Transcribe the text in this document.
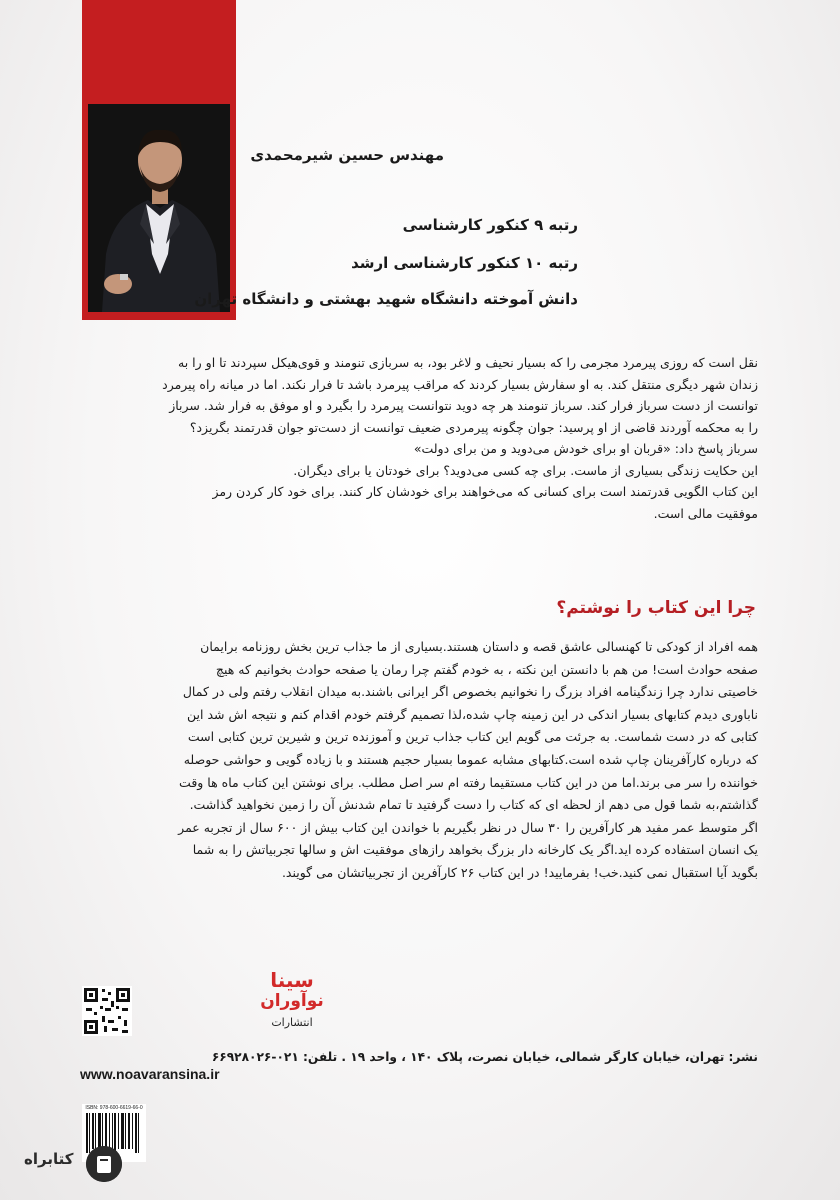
مهندس حسین شیرمحمدی
رتبه ۹ کنکور کارشناسی
رتبه ۱۰ کنکور کارشناسی ارشد
دانش آموخته دانشگاه شهید بهشتی و دانشگاه تهران
نقل است که روزی پیرمرد مجرمی را که بسیار نحیف و لاغر بود، به سربازی تنومند و قوی‌هیکل سپردند تا او را به
زندان شهر دیگری منتقل کند. به او سفارش بسیار کردند که مراقب پیرمرد باشد تا فرار نکند. اما در میانه راه پیرمرد
توانست از دست سرباز فرار کند. سرباز تنومند هر چه دوید نتوانست پیرمرد را بگیرد و او موفق به فرار شد. سرباز
را به محکمه آوردند قاضی از او پرسید: جوان چگونه پیرمردی ضعیف توانست از دست‌تو جوان قدرتمند بگریزد؟
سرباز پاسخ داد: «قربان او برای خودش می‌دوید و من برای دولت»
این حکایت زندگی بسیاری از ماست. برای چه کسی می‌دوید؟ برای خودتان یا برای دیگران.
این کتاب الگویی قدرتمند است برای کسانی که می‌خواهند برای خودشان کار کنند. برای خود کار کردن رمز
موفقیت مالی است.
چرا این کتاب را نوشتم؟
همه افراد از کودکی تا کهنسالی عاشق قصه و داستان هستند.بسیاری از ما جذاب ترین بخش روزنامه برایمان
صفحه حوادث است! من هم با دانستن این نکته ، به خودم گفتم چرا رمان یا صفحه حوادث بخوانیم که هیچ
خاصیتی ندارد چرا زندگینامه افراد بزرگ را نخوانیم بخصوص اگر ایرانی باشند.به میدان انقلاب رفتم ولی در کمال
ناباوری دیدم کتابهای بسیار اندکی در این زمینه چاپ شده،لذا تصمیم گرفتم خودم اقدام کنم و نتیجه اش شد این
کتابی که در دست شماست. به جرئت می گویم این کتاب جذاب ترین و آموزنده ترین و شیرین ترین کتابی است
که درباره کارآفرینان چاپ شده است.کتابهای مشابه عموما بسیار حجیم هستند و با زیاده گویی و حواشی حوصله
خواننده را سر می برند.اما من در این کتاب مستقیما رفته ام سر اصل مطلب. برای نوشتن این کتاب ماه ها وقت
گذاشتم،به شما قول می دهم از لحظه ای که کتاب را دست گرفتید تا تمام شدنش آن را زمین نخواهید گذاشت.
اگر متوسط عمر مفید هر کارآفرین را ۳۰ سال در نظر بگیریم با خواندن این کتاب بیش از ۶۰۰ سال از تجربه عمر
یک انسان استفاده کرده اید.اگر یک کارخانه دار بزرگ بخواهد رازهای موفقیت اش و سالها تجربیاتش را به شما
بگوید آیا استقبال نمی کنید.خب! بفرمایید! در این کتاب ۲۶ کارآفرین از تجربیاتشان می گویند.
سینا
نوآوران
انتشارات
نشر: تهران، خیابان کارگر شمالی، خیابان نصرت، پلاک ۱۴۰ ، واحد ۱۹ . تلفن: ۰۲۱-۶۶۹۲۸۰۲۶
www.noavaransina.ir
ISBN: 978-600-6619-66-0
کتابراه
